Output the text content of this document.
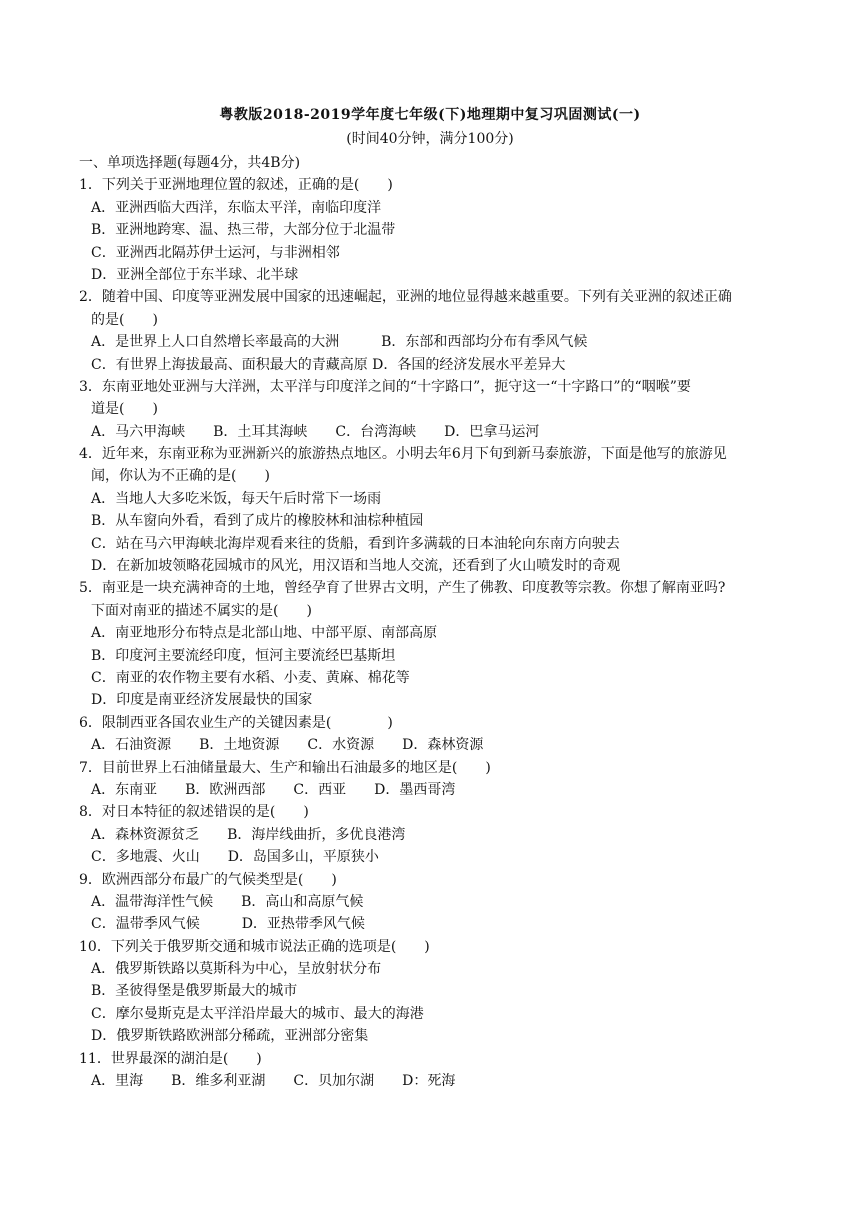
粤教版2018-2019学年度七年级(下)地理期中复习巩固测试(一)
(时间40分钟，满分100分)
一、单项选择题(每题4分，共4B分)
1．下列关于亚洲地理位置的叙述，正确的是(　　)
A．亚洲西临大西洋，东临太平洋，南临印度洋
B．亚洲地跨寒、温、热三带，大部分位于北温带
C．亚洲西北隔苏伊士运河，与非洲相邻
D．亚洲全部位于东半球、北半球
2．随着中国、印度等亚洲发展中国家的迅速崛起，亚洲的地位显得越来越重要。下列有关亚洲的叙述正确
的是(　　)
A．是世界上人口自然增长率最高的大洲　　　B．东部和西部均分布有季风气候
C．有世界上海拔最高、面积最大的青藏高原 D．各国的经济发展水平差异大
3．东南亚地处亚洲与大洋洲，太平洋与印度洋之间的“十字路口”，扼守这一“十字路口”的“咽喉”要
道是(　　)
A．马六甲海峡　　B．土耳其海峡　　C．台湾海峡　　D．巴拿马运河
4．近年来，东南亚称为亚洲新兴的旅游热点地区。小明去年6月下旬到新马泰旅游，下面是他写的旅游见
闻，你认为不正确的是(　　)
A．当地人大多吃米饭，每天午后时常下一场雨
B．从车窗向外看，看到了成片的橡胶林和油棕种植园
C．站在马六甲海峡北海岸观看来往的货船，看到许多满载的日本油轮向东南方向驶去
D．在新加坡领略花园城市的风光，用汉语和当地人交流，还看到了火山喷发时的奇观
5．南亚是一块充满神奇的土地，曾经孕育了世界古文明，产生了佛教、印度教等宗教。你想了解南亚吗?
下面对南亚的描述不属实的是(　　)
A．南亚地形分布特点是北部山地、中部平原、南部高原
B．印度河主要流经印度，恒河主要流经巴基斯坦
C．南亚的农作物主要有水稻、小麦、黄麻、棉花等
D．印度是南亚经济发展最快的国家
6．限制西亚各国农业生产的关键因素是(　　　　)
A．石油资源　　B．土地资源　　C．水资源　　D．森林资源
7．目前世界上石油储量最大、生产和输出石油最多的地区是(　　)
A．东南亚　　B．欧洲西部　　C．西亚　　D．墨西哥湾
8．对日本特征的叙述错误的是(　　)
A．森林资源贫乏　　B．海岸线曲折，多优良港湾
C．多地震、火山　　D．岛国多山，平原狭小
9．欧洲西部分布最广的气候类型是(　　)
A．温带海洋性气候　　B．高山和高原气候
C．温带季风气候　　　D．亚热带季风气候
10．下列关于俄罗斯交通和城市说法正确的选项是(　　)
A．俄罗斯铁路以莫斯科为中心，呈放射状分布
B．圣彼得堡是俄罗斯最大的城市
C．摩尔曼斯克是太平洋沿岸最大的城市、最大的海港
D．俄罗斯铁路欧洲部分稀疏，亚洲部分密集
11．世界最深的湖泊是(　　)
A．里海　　B．维多利亚湖　　C．贝加尔湖　　D：死海
